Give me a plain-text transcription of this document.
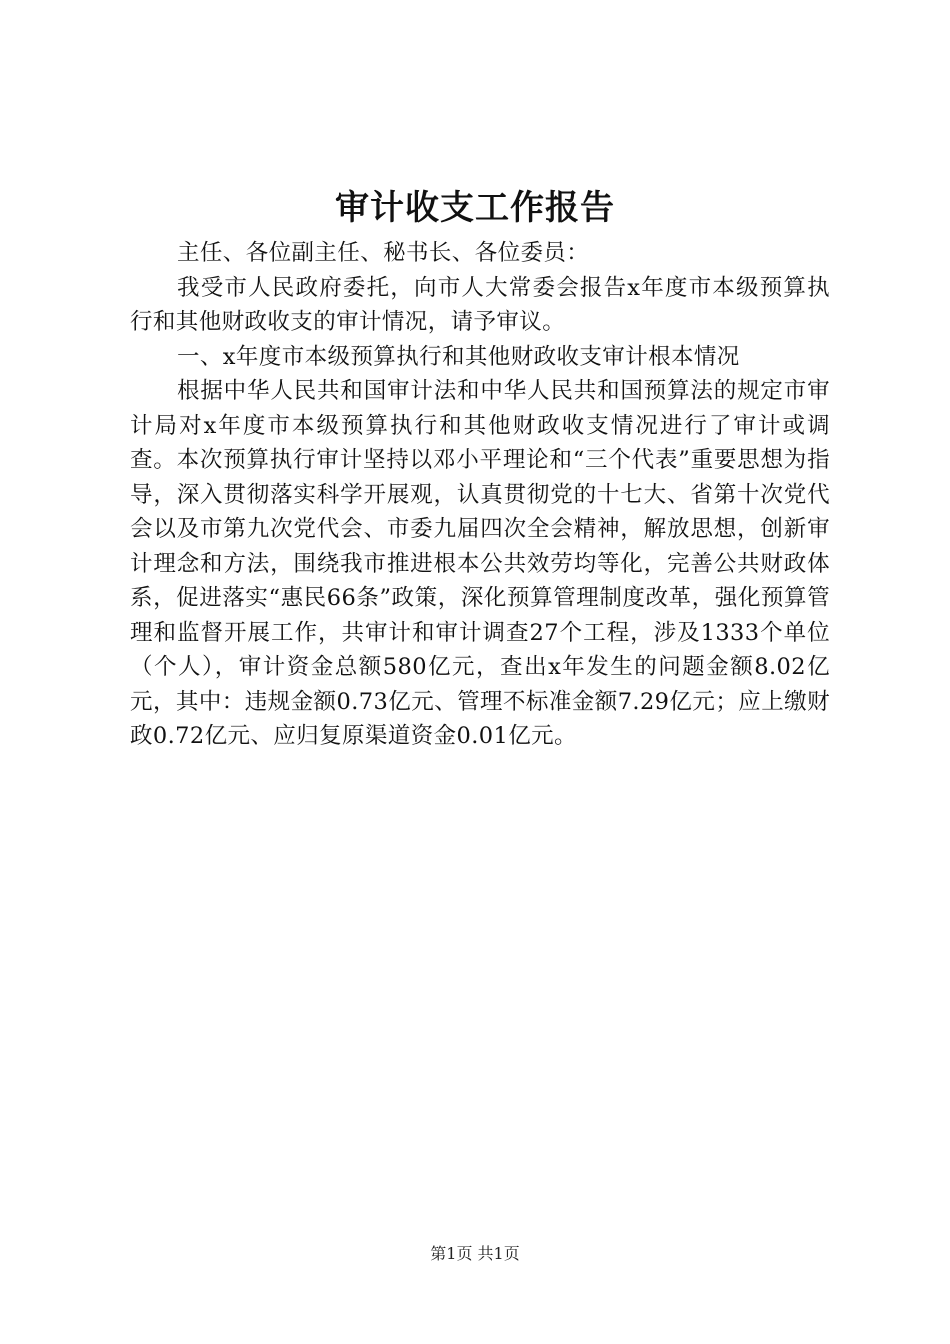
审计收支工作报告

主任、各位副主任、秘书长、各位委员：

我受市人民政府委托，向市人大常委会报告x年度市本级预算执行和其他财政收支的审计情况，请予审议。

一、x年度市本级预算执行和其他财政收支审计根本情况

根据中华人民共和国审计法和中华人民共和国预算法的规定市审计局对x年度市本级预算执行和其他财政收支情况进行了审计或调查。本次预算执行审计坚持以邓小平理论和“三个代表”重要思想为指导，深入贯彻落实科学开展观，认真贯彻党的十七大、省第十次党代会以及市第九次党代会、市委九届四次全会精神，解放思想，创新审计理念和方法，围绕我市推进根本公共效劳均等化，完善公共财政体系，促进落实“惠民66条”政策，深化预算管理制度改革，强化预算管理和监督开展工作，共审计和审计调查27个工程，涉及1333个单位（个人），审计资金总额580亿元，查出x年发生的问题金额8.02亿元，其中：违规金额0.73亿元、管理不标准金额7.29亿元；应上缴财政0.72亿元、应归复原渠道资金0.01亿元。

第1页 共1页
